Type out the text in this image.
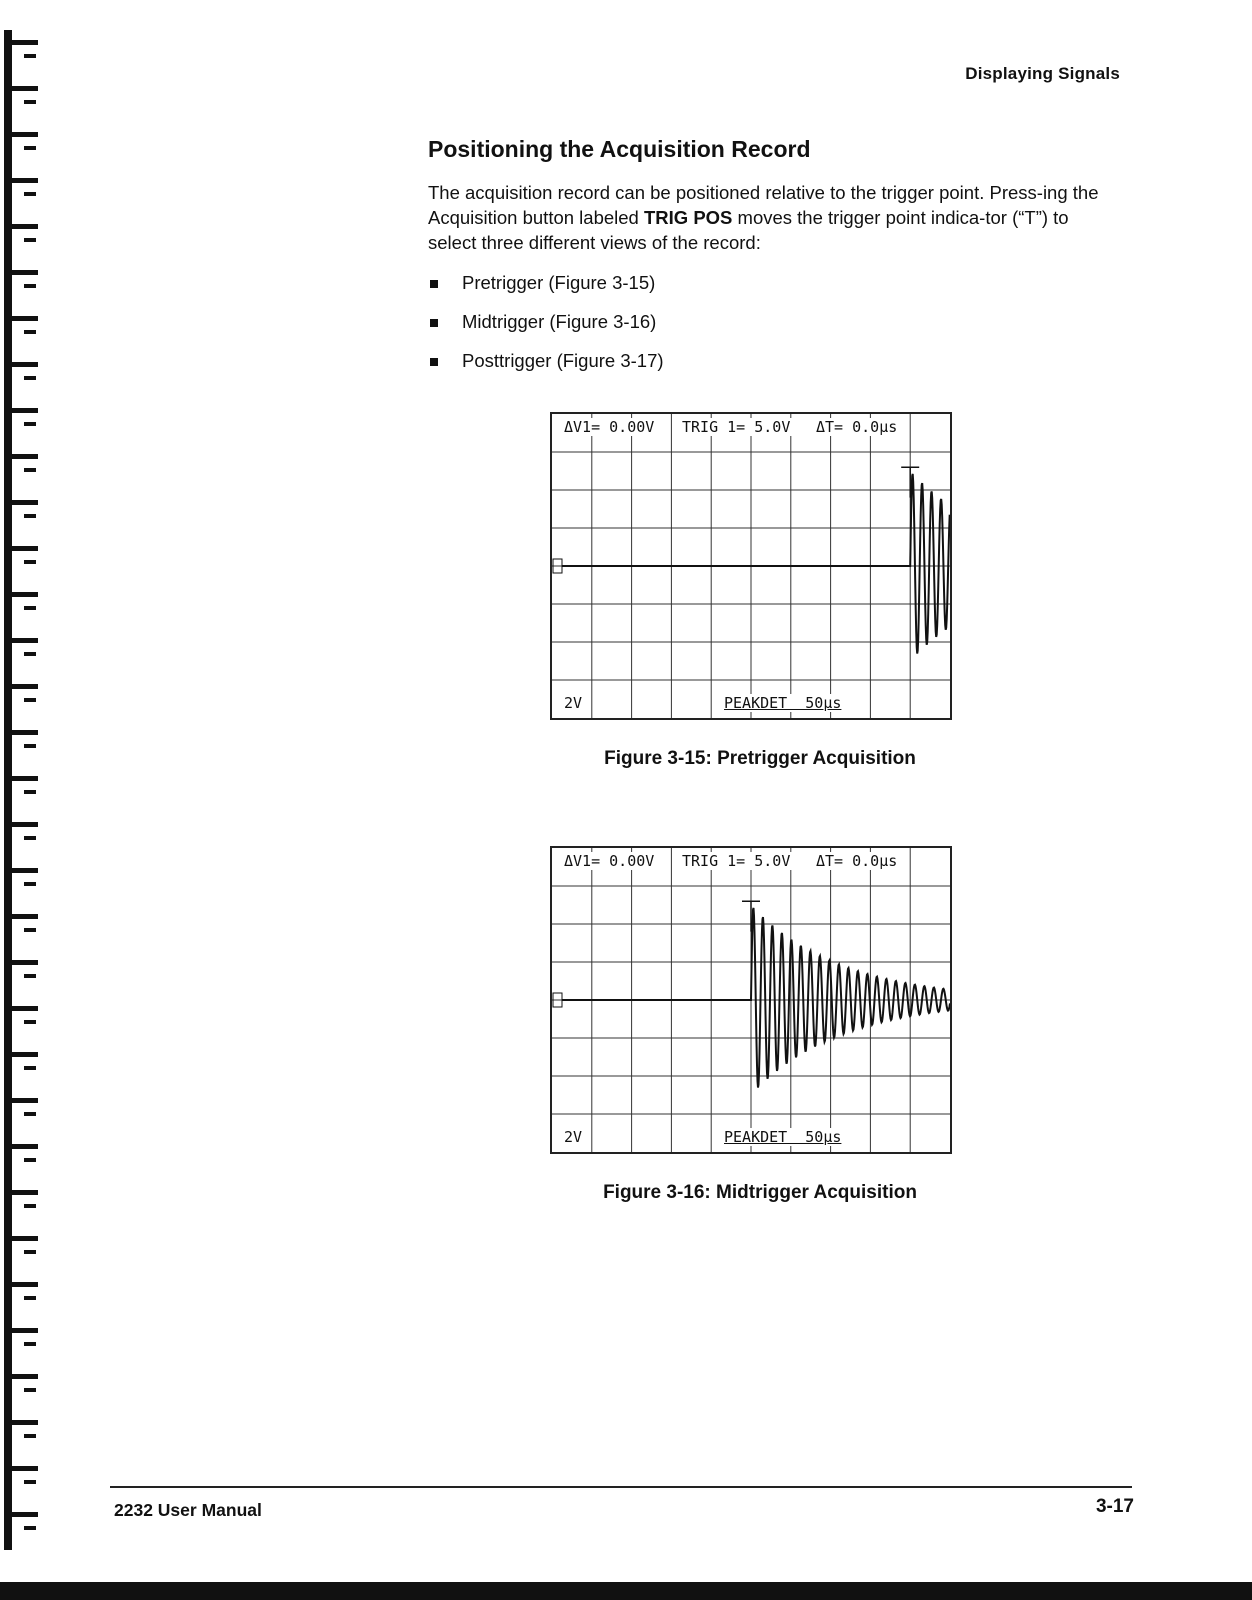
Displaying Signals
Positioning the Acquisition Record

The acquisition record can be positioned relative to the trigger point. Press-ing the Acquisition button labeled TRIG POS moves the trigger point indica-tor (“T”) to select three different views of the record:

Pretrigger (Figure 3-15)
Midtrigger (Figure 3-16)
Posttrigger (Figure 3-17)
ΔV1= 0.00V TRIG 1= 5.0V ΔT= 0.0µs
2V	PEAKDET  50µs
Figure 3-15: Pretrigger Acquisition
ΔV1= 0.00V TRIG 1= 5.0V ΔT= 0.0µs
2V	PEAKDET  50µs
Figure 3-16: Midtrigger Acquisition
2232 User Manual	3-17
